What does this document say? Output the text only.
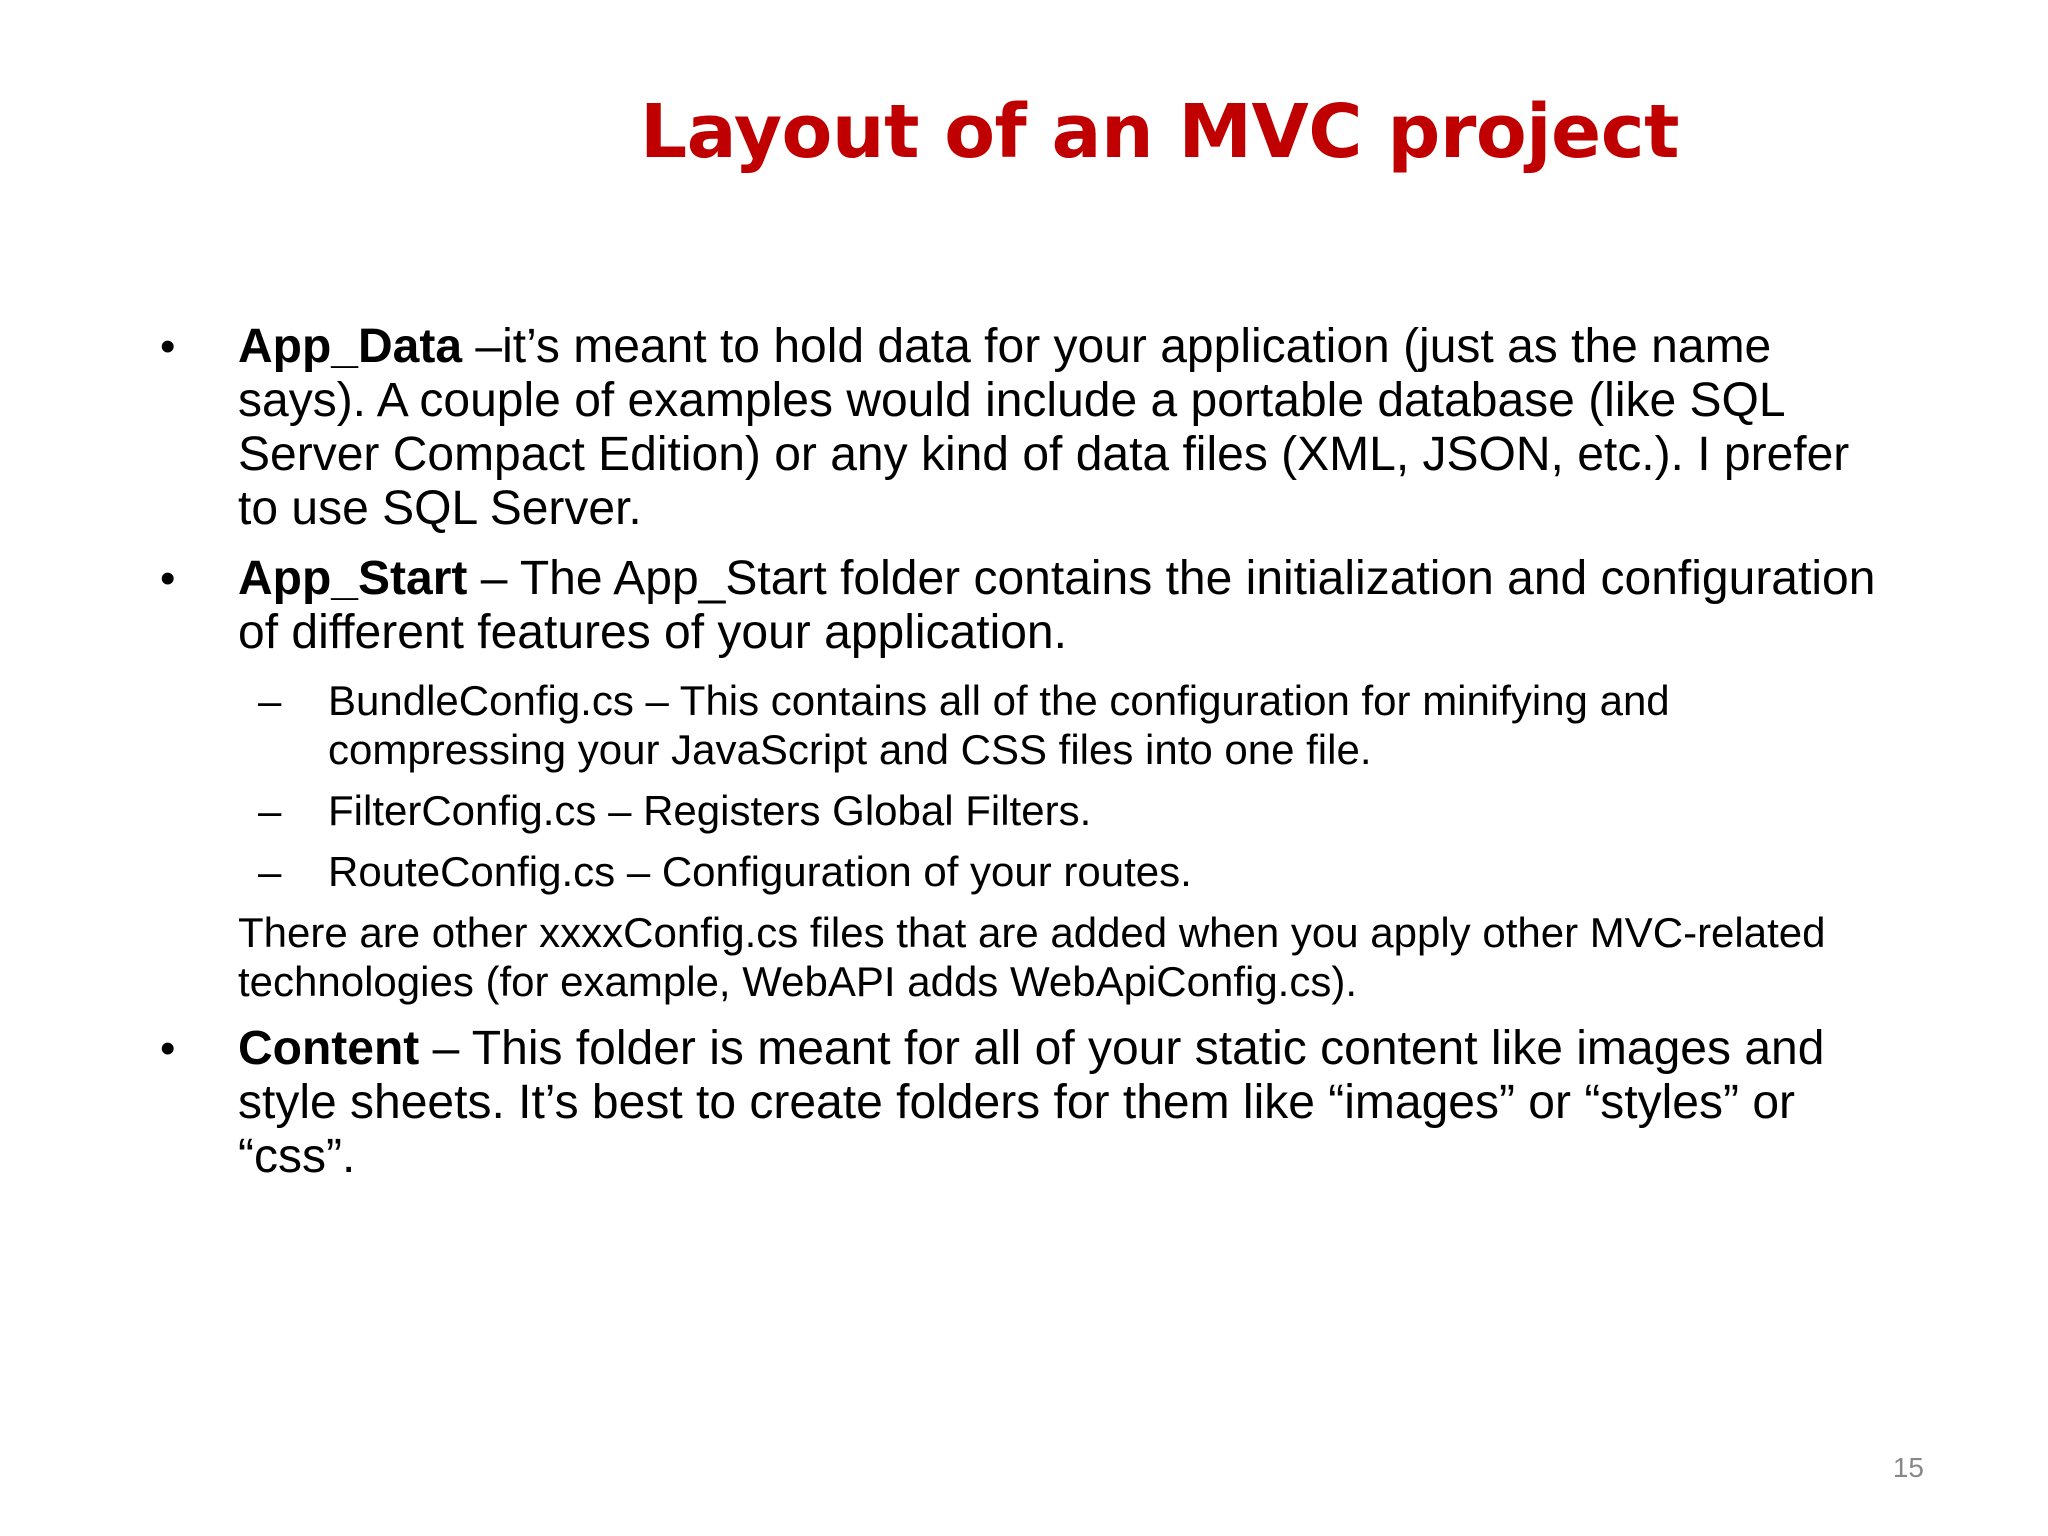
Layout of an MVC project
•	App_Data –it’s meant to hold data for your application (just as the name says). A couple of examples would include a portable database (like SQL Server Compact Edition) or any kind of data files (XML, JSON, etc.). I prefer to use SQL Server.
•	App_Start – The App_Start folder contains the initialization and configuration of different features of your application.
–	BundleConfig.cs – This contains all of the configuration for minifying and compressing your JavaScript and CSS files into one file.
–	FilterConfig.cs – Registers Global Filters.
–	RouteConfig.cs – Configuration of your routes.
There are other xxxxConfig.cs files that are added when you apply other MVC-related technologies (for example, WebAPI adds WebApiConfig.cs).
•	Content – This folder is meant for all of your static content like images and style sheets. It’s best to create folders for them like “images” or “styles” or “css”.
15
